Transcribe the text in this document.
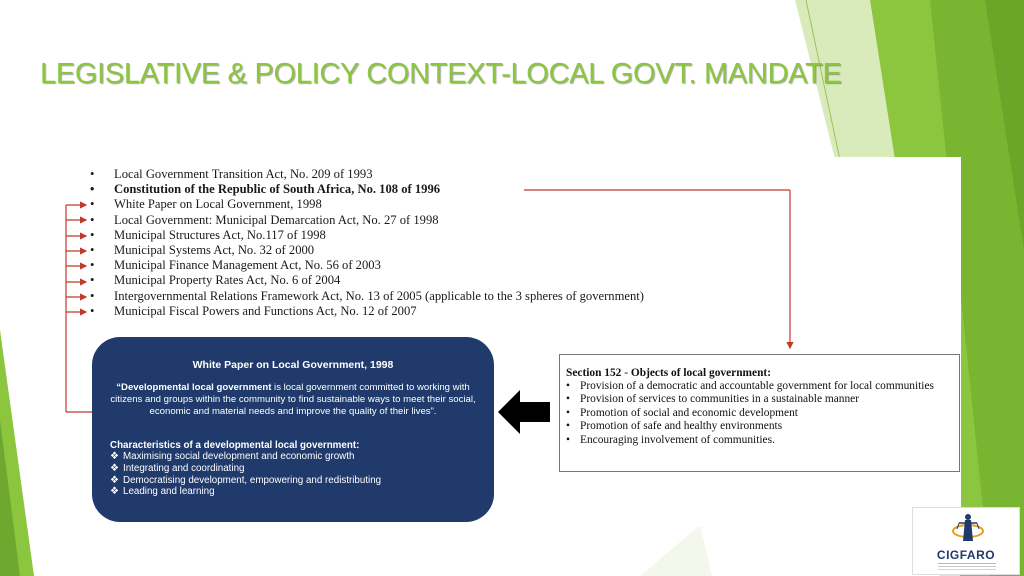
LEGISLATIVE & POLICY CONTEXT-LOCAL GOVT. MANDATE
• Local Government Transition Act, No. 209 of 1993
• Constitution of the Republic of South Africa, No. 108 of 1996
• White Paper on Local Government, 1998
• Local Government: Municipal Demarcation Act, No. 27 of 1998
• Municipal Structures Act, No.117 of 1998
• Municipal Systems Act, No. 32 of 2000
• Municipal Finance Management Act, No. 56 of 2003
• Municipal Property Rates Act, No. 6 of 2004
• Intergovernmental Relations Framework Act, No. 13 of 2005 (applicable to the 3 spheres of government)
• Municipal Fiscal Powers and Functions Act, No. 12 of 2007
White Paper on Local Government, 1998
“Developmental local government is local government committed to working with citizens and groups within the community to find sustainable ways to meet their social, economic and material needs and improve the quality of their lives”.
Characteristics of a developmental local government:
❖ Maximising social development and economic growth
❖ Integrating and coordinating
❖ Democratising development, empowering and redistributing
❖ Leading and learning
Section 152 - Objects of local government:
• Provision of a democratic and accountable government for local communities
• Provision of services to communities in a sustainable manner
• Promotion of social and economic development
• Promotion of safe and healthy environments
• Encouraging involvement of communities.
CIGFARO
